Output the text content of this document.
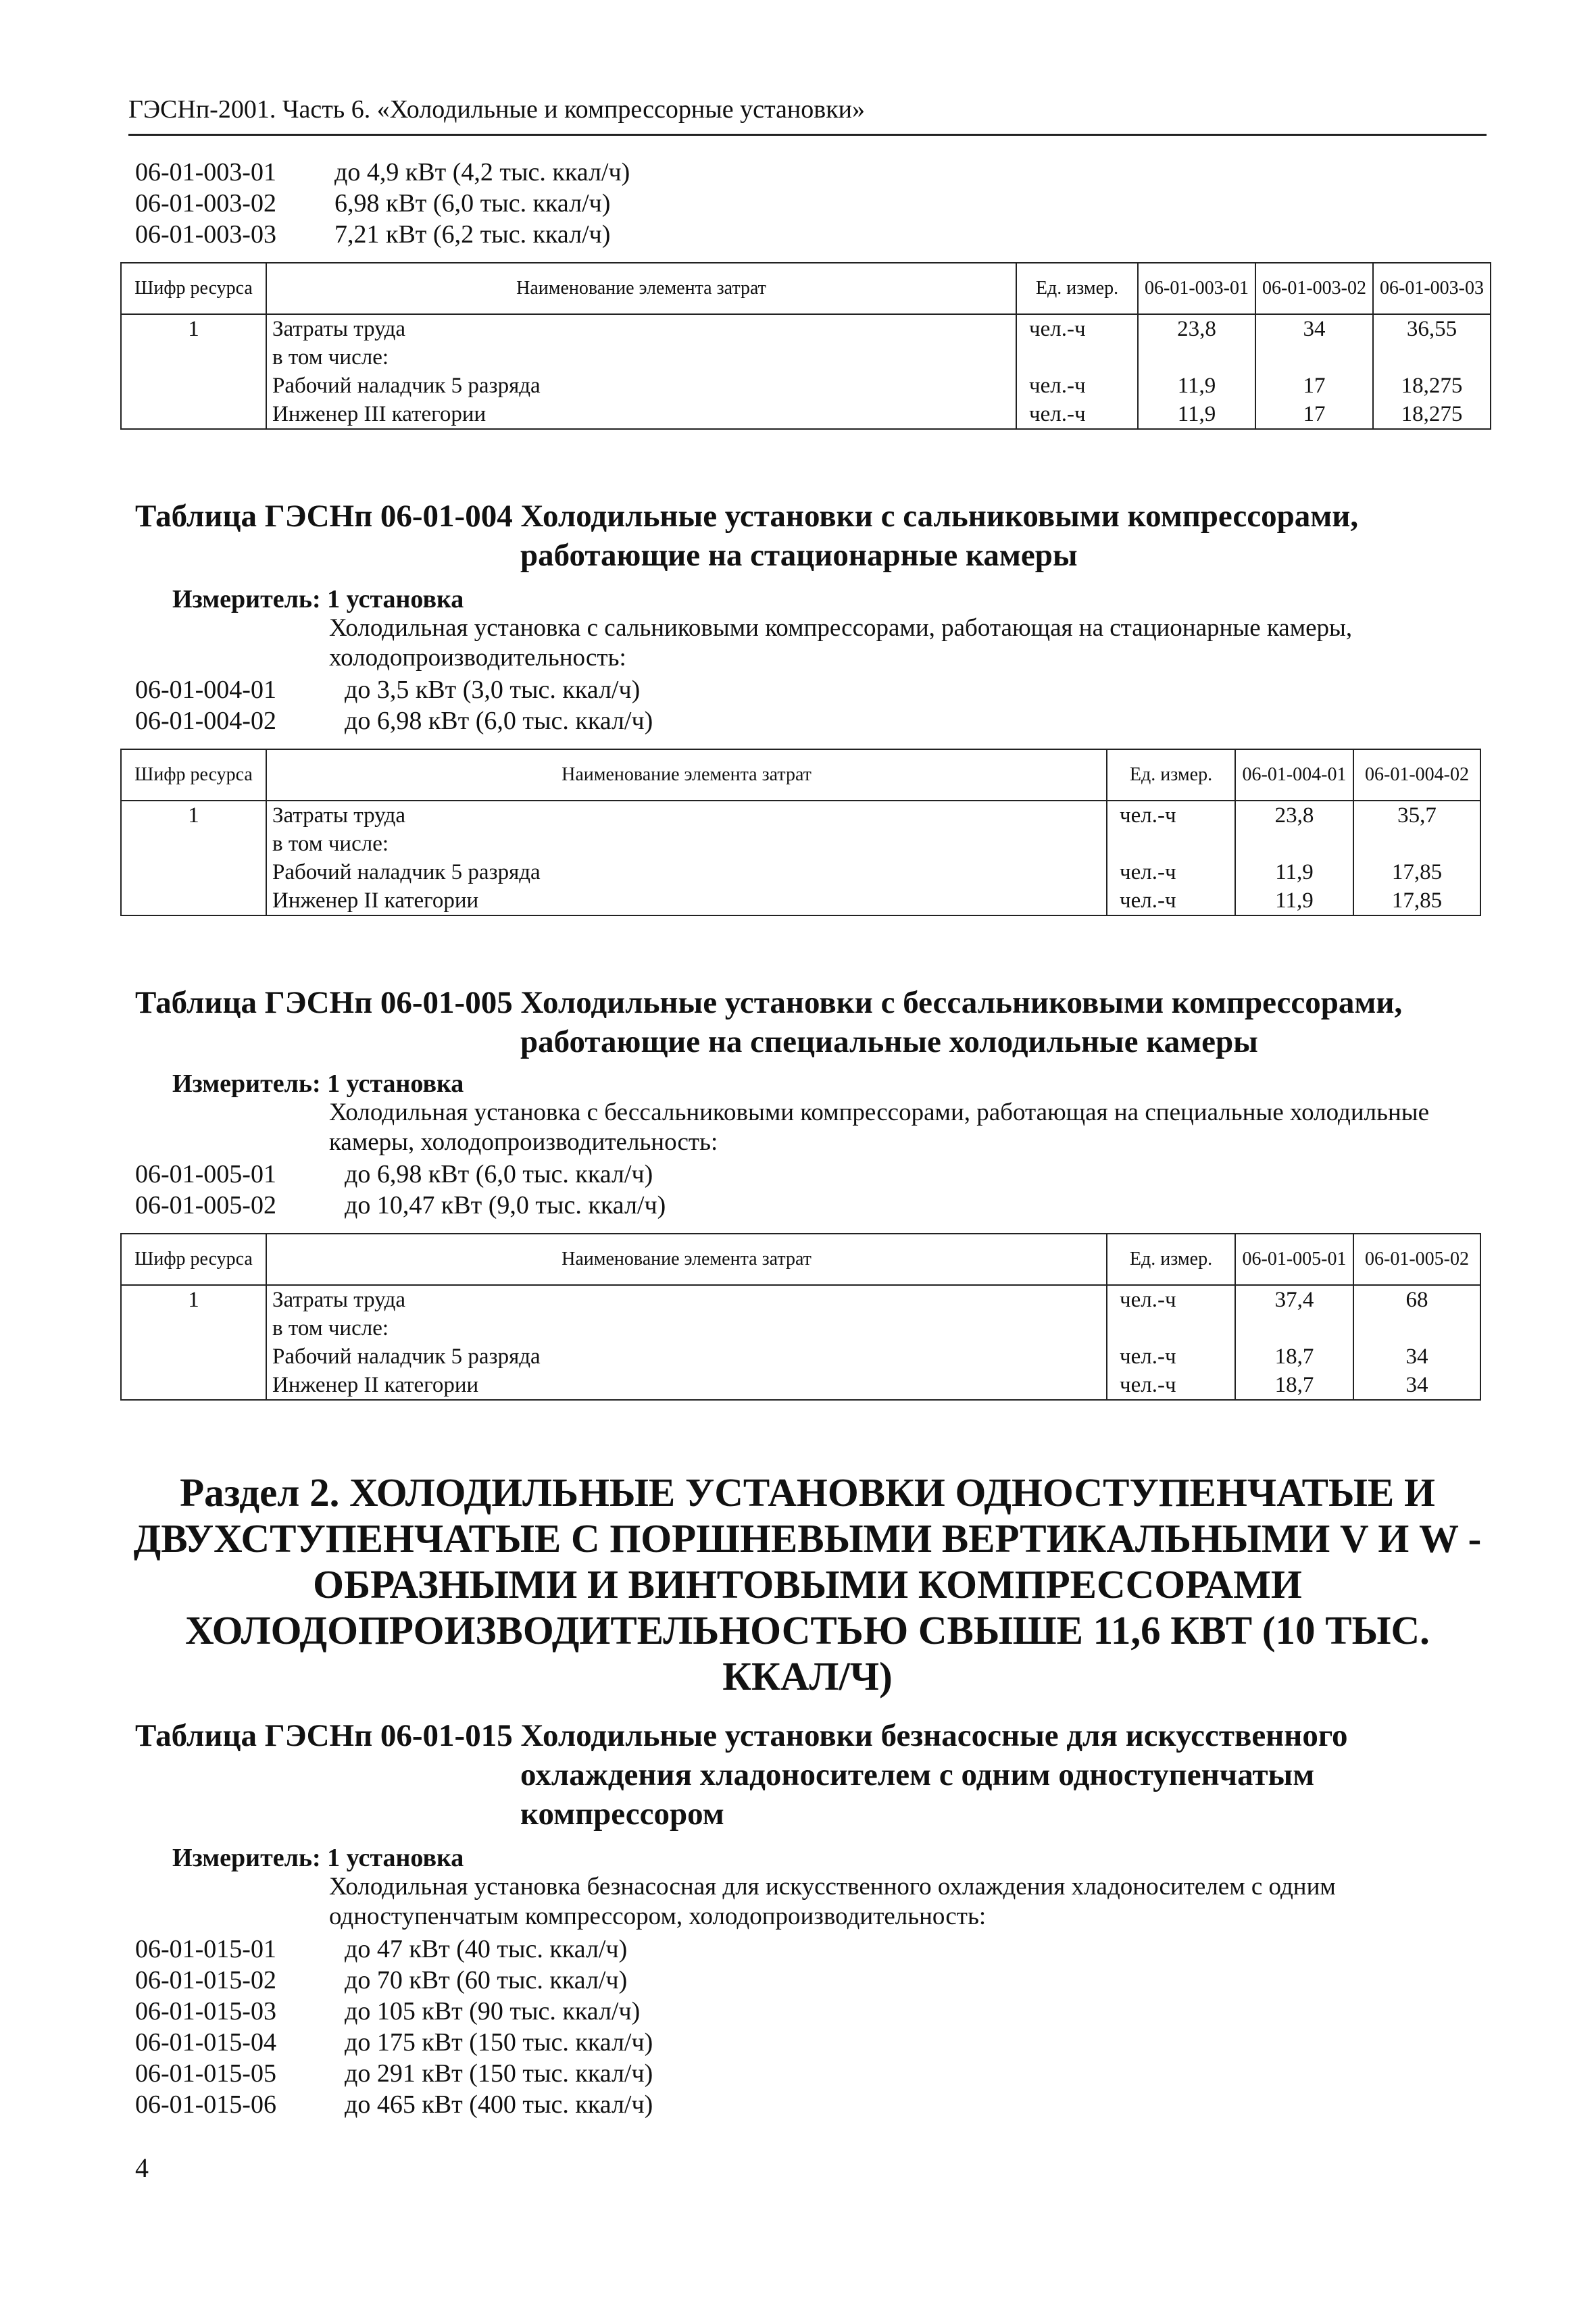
ГЭСНп-2001. Часть 6. «Холодильные и компрессорные установки»
06-01-003-01	до 4,9 кВт (4,2 тыс. ккал/ч)
06-01-003-02	6,98 кВт (6,0 тыс. ккал/ч)
06-01-003-03	7,21 кВт (6,2 тыс. ккал/ч)
Шифр ресурса	Наименование элемента затрат	Ед. измер.	06-01-003-01	06-01-003-02	06-01-003-03
1	Затраты труда	чел.-ч	23,8	34	36,55
	в том числе:				
	Рабочий наладчик 5 разряда	чел.-ч	11,9	17	18,275
	Инженер III категории	чел.-ч	11,9	17	18,275
Таблица ГЭСНп 06-01-004 Холодильные установки с сальниковыми компрессорами,
работающие на стационарные камеры
Измеритель: 1 установка
Холодильная установка с сальниковыми компрессорами, работающая на стационарные камеры, холодопроизводительность:
06-01-004-01	до 3,5 кВт (3,0 тыс. ккал/ч)
06-01-004-02	до 6,98 кВт (6,0 тыс. ккал/ч)
Шифр ресурса	Наименование элемента затрат	Ед. измер.	06-01-004-01	06-01-004-02
1	Затраты труда	чел.-ч	23,8	35,7
	в том числе:			
	Рабочий наладчик 5 разряда	чел.-ч	11,9	17,85
	Инженер II категории	чел.-ч	11,9	17,85
Таблица ГЭСНп 06-01-005 Холодильные установки с бессальниковыми компрессорами,
работающие на специальные холодильные камеры
Измеритель: 1 установка
Холодильная установка с бессальниковыми компрессорами, работающая на специальные холодильные камеры, холодопроизводительность:
06-01-005-01	до 6,98 кВт (6,0 тыс. ккал/ч)
06-01-005-02	до 10,47 кВт (9,0 тыс. ккал/ч)
Шифр ресурса	Наименование элемента затрат	Ед. измер.	06-01-005-01	06-01-005-02
1	Затраты труда	чел.-ч	37,4	68
	в том числе:			
	Рабочий наладчик 5 разряда	чел.-ч	18,7	34
	Инженер II категории	чел.-ч	18,7	34
Раздел 2. ХОЛОДИЛЬНЫЕ УСТАНОВКИ ОДНОСТУПЕНЧАТЫЕ И ДВУХСТУПЕНЧАТЫЕ С ПОРШНЕВЫМИ ВЕРТИКАЛЬНЫМИ V И W - ОБРАЗНЫМИ И ВИНТОВЫМИ КОМПРЕССОРАМИ ХОЛОДОПРОИЗВОДИТЕЛЬНОСТЬЮ СВЫШЕ 11,6 КВТ (10 ТЫС. ККАЛ/Ч)
Таблица ГЭСНп 06-01-015 Холодильные установки безнасосные для искусственного
охлаждения хладоносителем с одним одноступенчатым
компрессором
Измеритель: 1 установка
Холодильная установка безнасосная для искусственного охлаждения хладоносителем с одним одноступенчатым компрессором, холодопроизводительность:
06-01-015-01	до 47 кВт (40 тыс. ккал/ч)
06-01-015-02	до 70 кВт (60 тыс. ккал/ч)
06-01-015-03	до 105 кВт (90 тыс. ккал/ч)
06-01-015-04	до 175 кВт (150 тыс. ккал/ч)
06-01-015-05	до 291 кВт (150 тыс. ккал/ч)
06-01-015-06	до 465 кВт (400 тыс. ккал/ч)
4
